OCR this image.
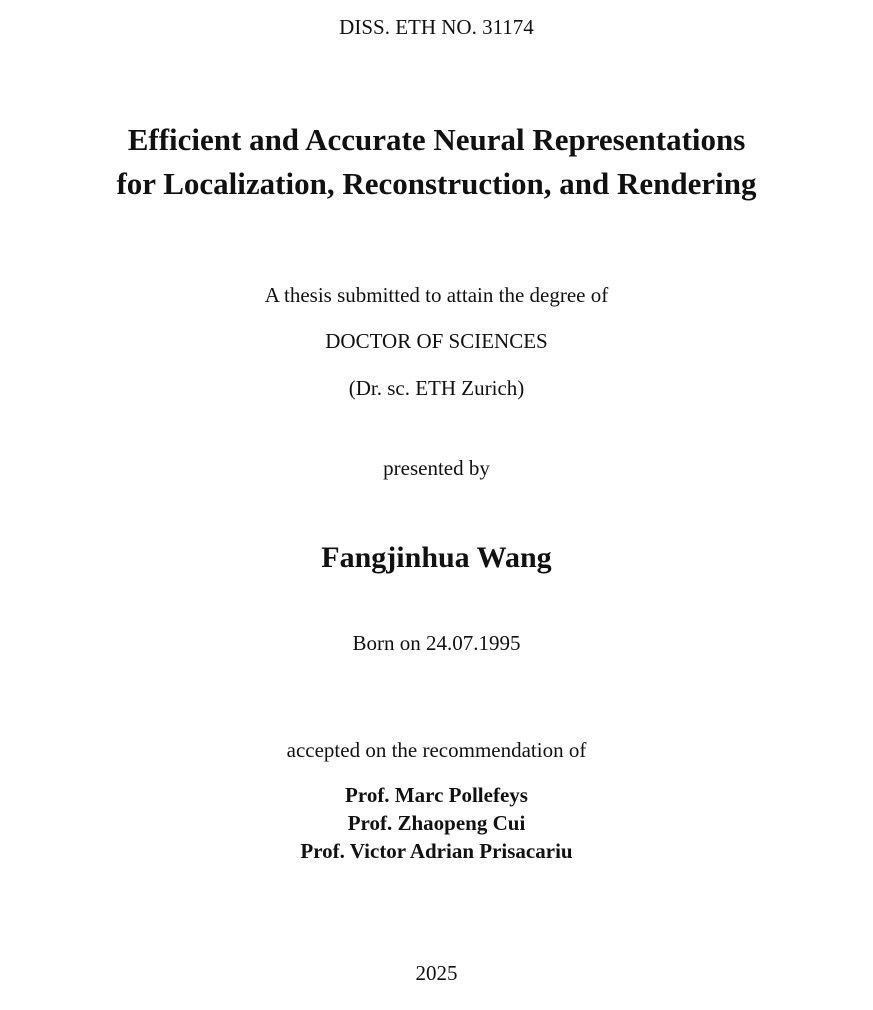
DISS. ETH NO. 31174
Efficient and Accurate Neural Representations
for Localization, Reconstruction, and Rendering
A thesis submitted to attain the degree of
DOCTOR OF SCIENCES
(Dr. sc. ETH Zurich)
presented by
Fangjinhua Wang
Born on 24.07.1995
accepted on the recommendation of
Prof. Marc Pollefeys
Prof. Zhaopeng Cui
Prof. Victor Adrian Prisacariu
2025
